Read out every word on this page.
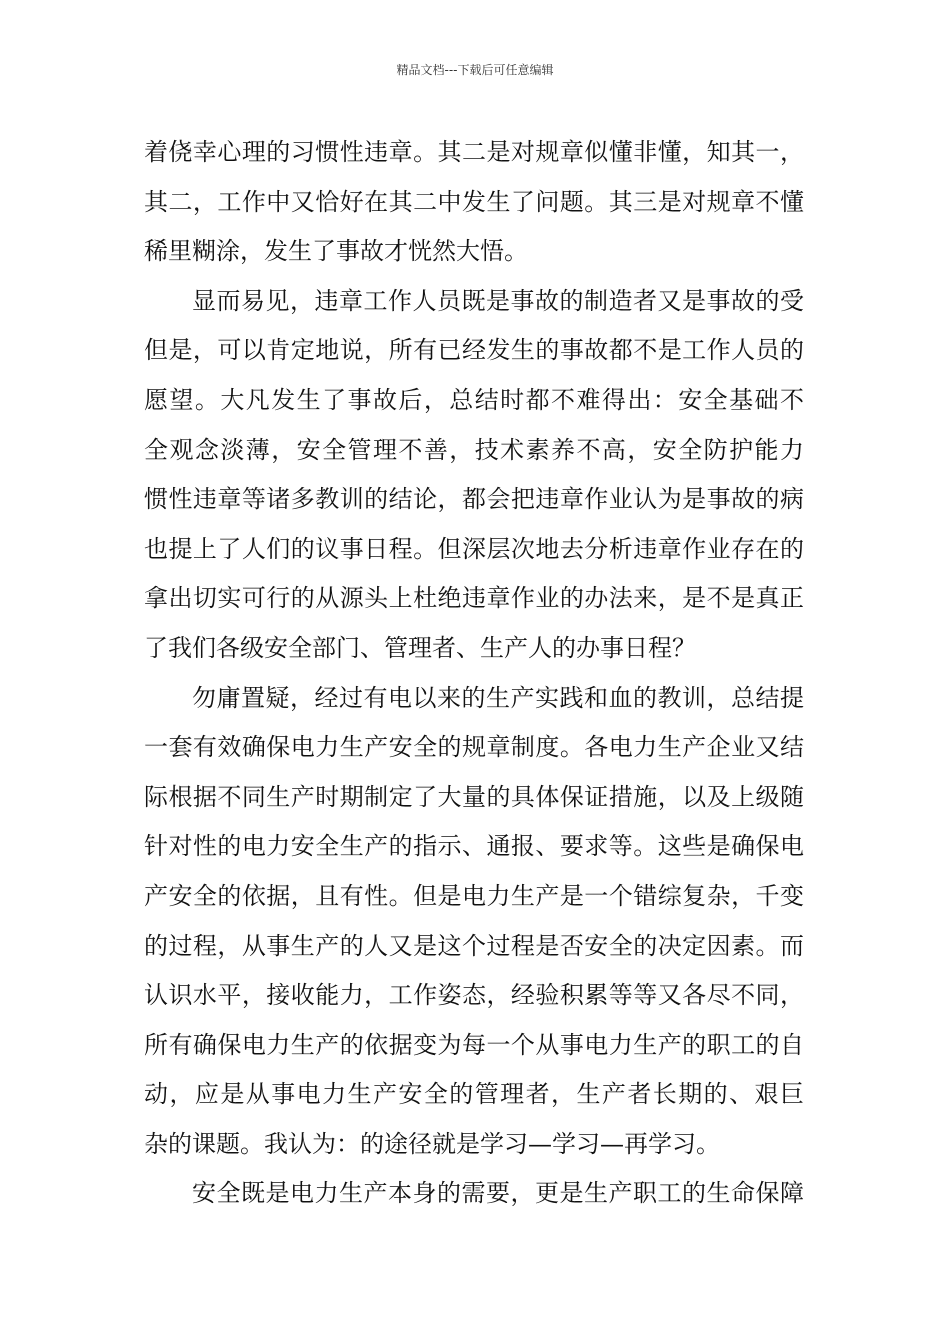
精品文档---下载后可任意编辑
着侥幸心理的习惯性违章。其二是对规章似懂非懂，知其一，
其二，工作中又恰好在其二中发生了问题。其三是对规章不懂
稀里糊涂，发生了事故才恍然大悟。
显而易见，违章工作人员既是事故的制造者又是事故的受
但是，可以肯定地说，所有已经发生的事故都不是工作人员的
愿望。大凡发生了事故后，总结时都不难得出：安全基础不
全观念淡薄，安全管理不善，技术素养不高，安全防护能力
惯性违章等诸多教训的结论，都会把违章作业认为是事故的病
也提上了人们的议事日程。但深层次地去分析违章作业存在的
拿出切实可行的从源头上杜绝违章作业的办法来，是不是真正
了我们各级安全部门、管理者、生产人的办事日程？
勿庸置疑，经过有电以来的生产实践和血的教训，总结提
一套有效确保电力生产安全的规章制度。各电力生产企业又结
际根据不同生产时期制定了大量的具体保证措施，以及上级随
针对性的电力安全生产的指示、通报、要求等。这些是确保电
产安全的依据，且有性。但是电力生产是一个错综复杂，千变
的过程，从事生产的人又是这个过程是否安全的决定因素。而
认识水平，接收能力，工作姿态，经验积累等等又各尽不同，
所有确保电力生产的依据变为每一个从事电力生产的职工的自
动，应是从事电力生产安全的管理者，生产者长期的、艰巨
杂的课题。我认为：的途径就是学习—学习—再学习。
安全既是电力生产本身的需要，更是生产职工的生命保障
